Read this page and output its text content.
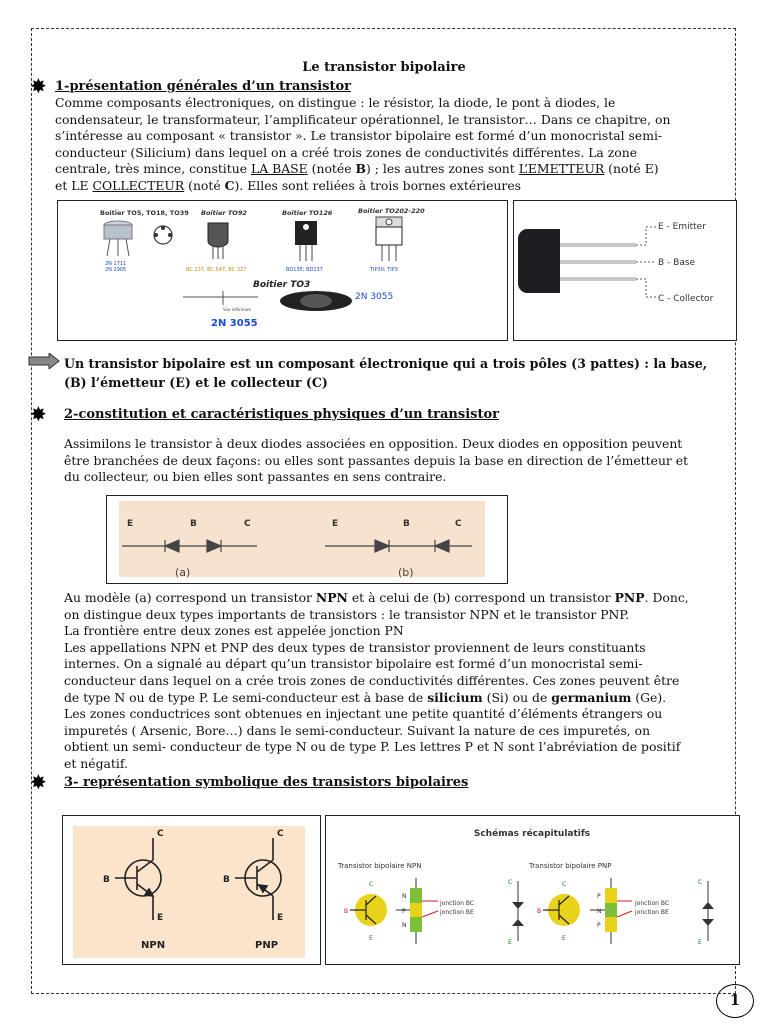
Le transistor bipolaire
✸ 1-présentation générales d’un transistor
Comme composants électroniques, on distingue : le résistor, la diode, le pont à diodes, le
condensateur, le transformateur, l’amplificateur opérationnel, le transistor… Dans ce chapitre, on
s’intéresse au composant « transistor ». Le transistor bipolaire est formé d’un monocristal semi-
conducteur (Silicium) dans lequel on a créé trois zones de conductivités différentes. La zone
centrale, très mince, constitue LA BASE (notée B) ; les autres zones sont L’EMETTEUR (noté E)
et LE COLLECTEUR (noté C). Elles sont reliées à trois bornes extérieures
Boitier TO5, TO18, TO39 Boitier TO92	Boitier TO126	Boitier TO202-220
2N 1711
2N 2905	BC 237, BC 547, BC 327	BD135; BD137	TIP30; TIP3
Boitier TO3
Vue inférieure
2N 3055
2N 3055
E - Emitter
B - Base
C - Collector
Un transistor bipolaire est un composant électronique qui a trois pôles (3 pattes) : la base,
(B) l’émetteur (E) et le collecteur (C)
✸ 2-constitution et caractéristiques physiques d’un transistor
Assimilons le transistor à deux diodes associées en opposition. Deux diodes en opposition peuvent
être branchées de deux façons: ou elles sont passantes depuis la base en direction de l’émetteur et
du collecteur, ou bien elles sont passantes en sens contraire.
E	B	C	E	B	C
(a)	(b)
Au modèle (a) correspond un transistor NPN et à celui de (b) correspond un transistor PNP. Donc,
on distingue deux types importants de transistors : le transistor NPN et le transistor PNP.
La frontière entre deux zones est appelée jonction PN
Les appellations NPN et PNP des deux types de transistor proviennent de leurs constituants
internes. On a signalé au départ qu’un transistor bipolaire est formé d’un monocristal semi-
conducteur dans lequel on a crée trois zones de conductivités différentes. Ces zones peuvent être
de type N ou de type P. Le semi-conducteur est à base de silicium (Si) ou de germanium (Ge).
Les zones conductrices sont obtenues en injectant une petite quantité d’éléments étrangers ou
impuretés ( Arsenic, Bore…) dans le semi-conducteur. Suivant la nature de ces impuretés, on
obtient un semi- conducteur de type N ou de type P. Les lettres P et N sont l’abréviation de positif
et négatif.
✸ 3- représentation symbolique des transistors bipolaires
C
B
E
NPN
C
B
E
PNP
Schémas récapitulatifs
Transistor bipolaire NPN	Transistor bipolaire PNP
C
B
E
N
P
N
jonction BC
jonction BE
C
E
C
B
E
P
N
P
jonction BC
jonction BE
C
E
1
